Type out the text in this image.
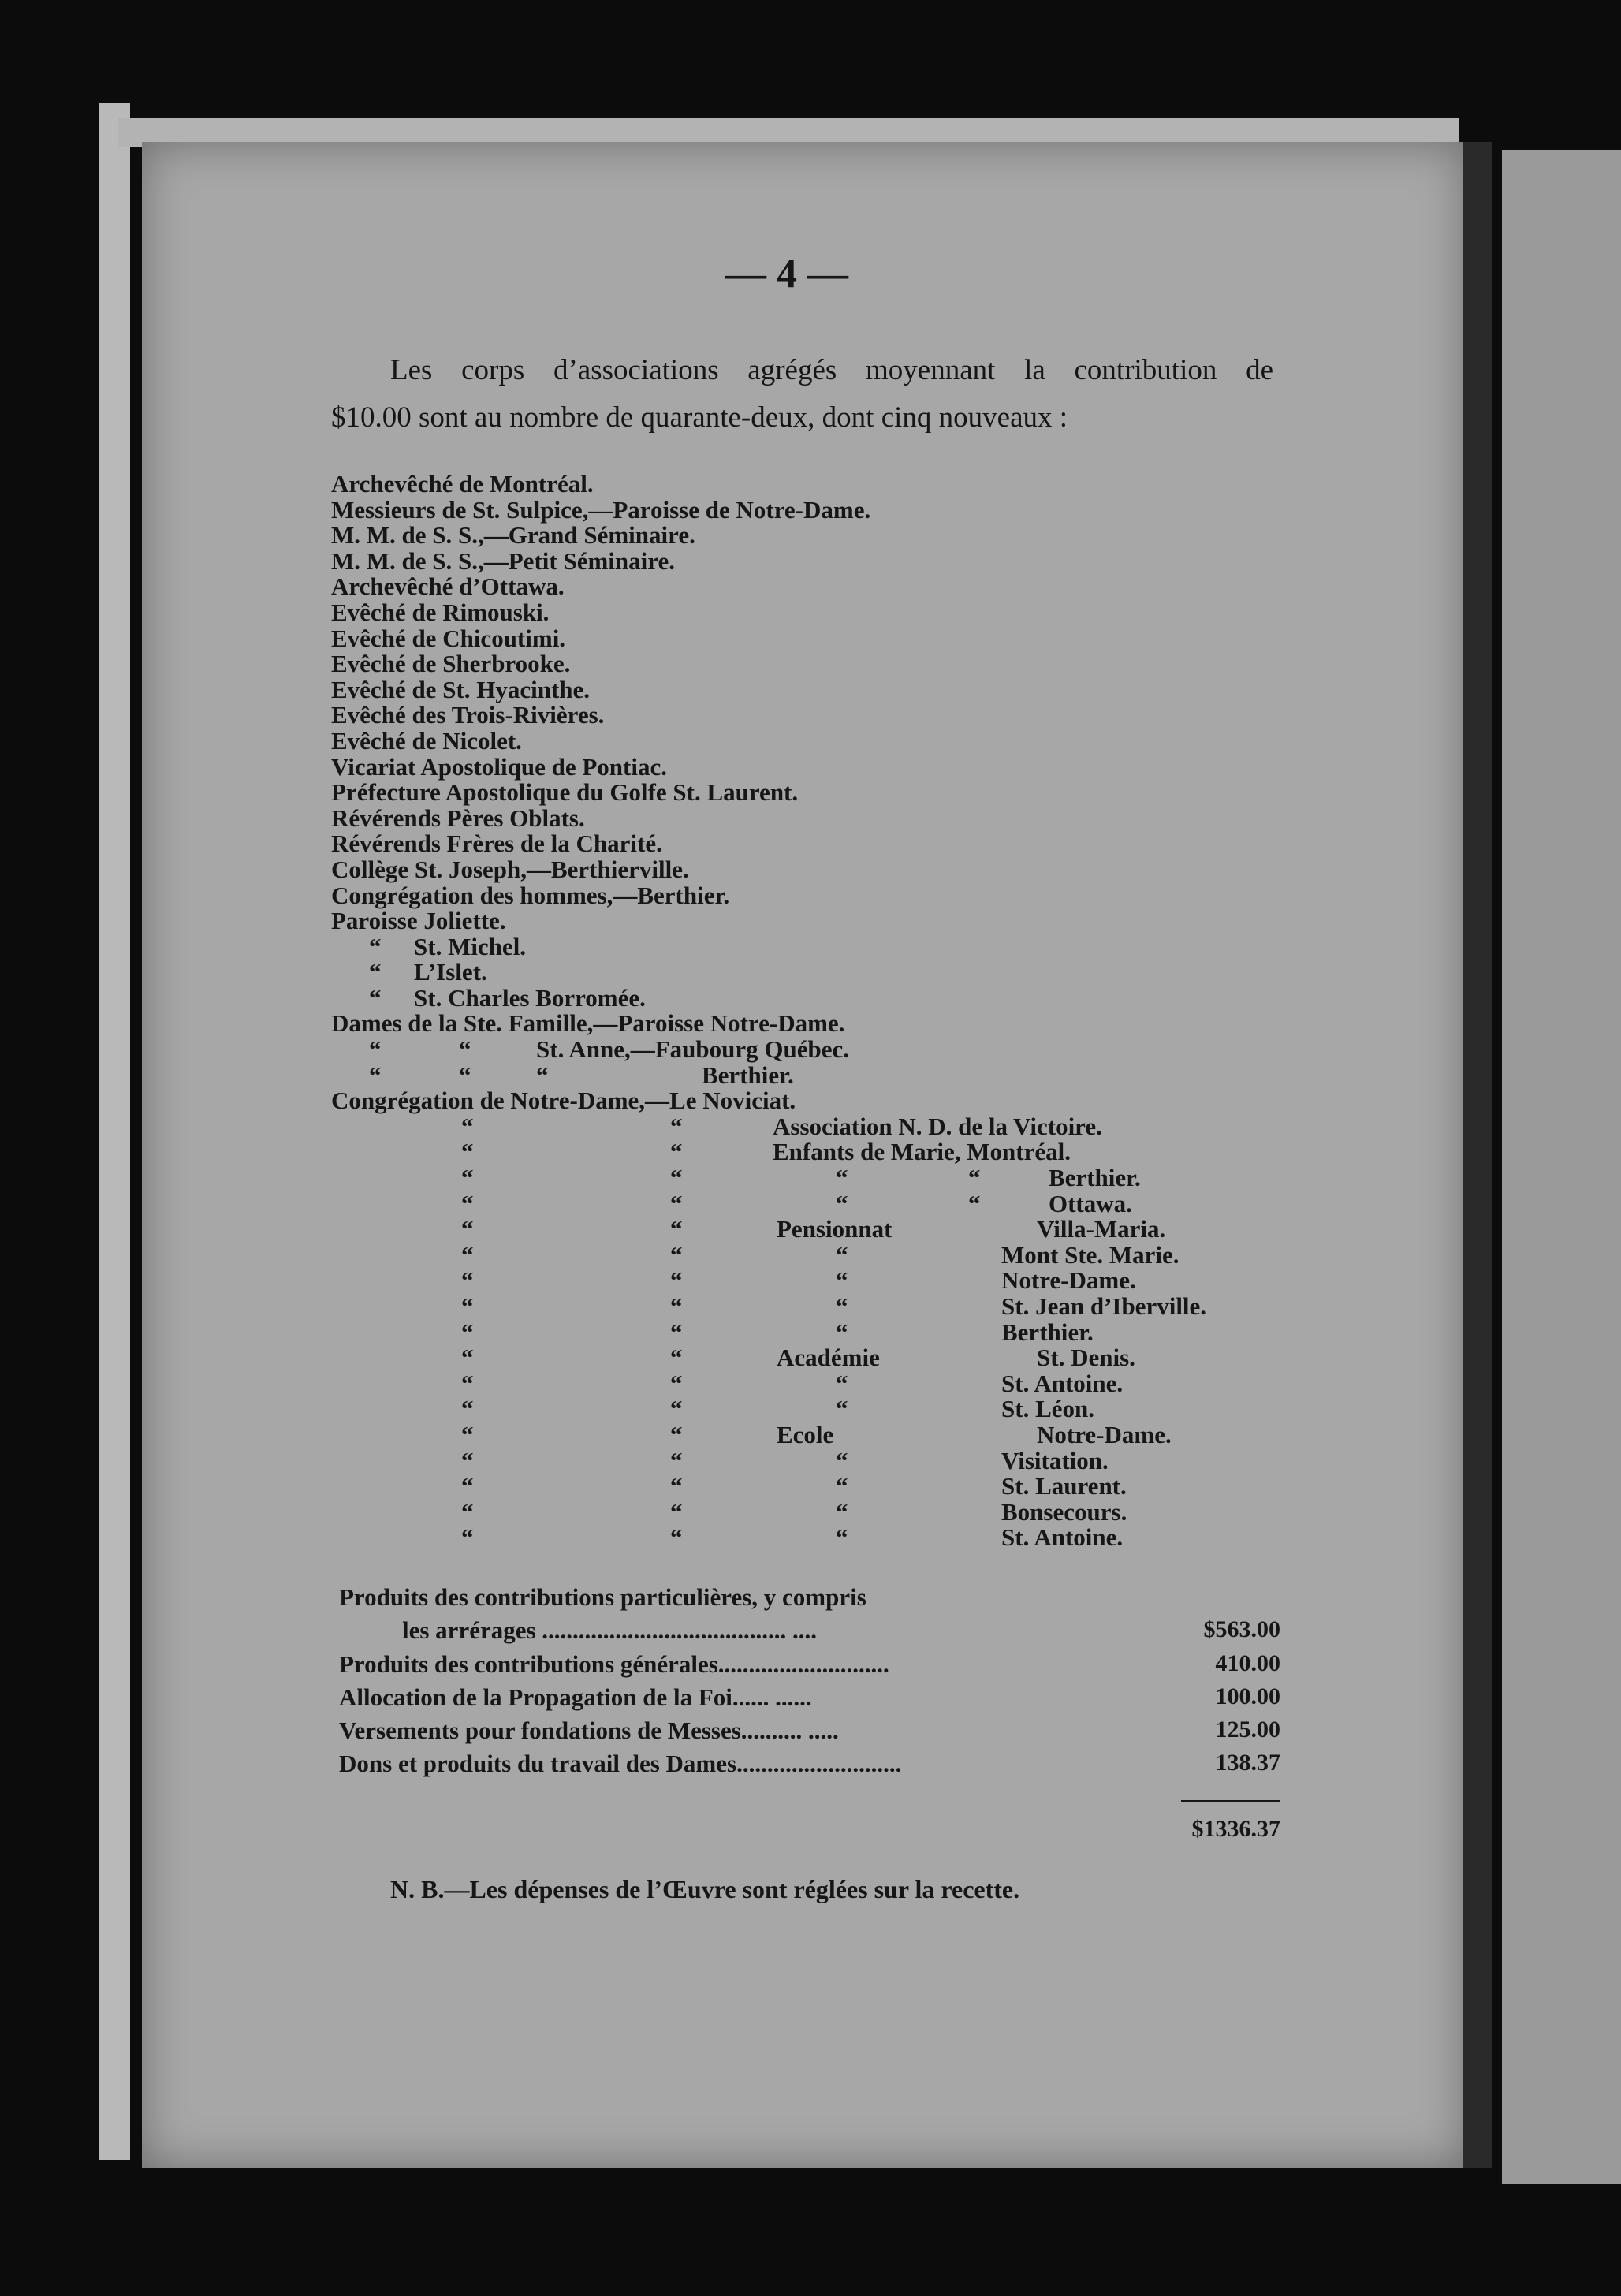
— 4 —
Les corps d’associations agrégés moyennant la contribution de
$10.00 sont au nombre de quarante-deux, dont cinq nouveaux :
Archevêché de Montréal.
Messieurs de St. Sulpice,—Paroisse de Notre-Dame.
M. M. de S. S.,—Grand Séminaire.
M. M. de S. S.,—Petit Séminaire.
Archevêché d’Ottawa.
Evêché de Rimouski.
Evêché de Chicoutimi.
Evêché de Sherbrooke.
Evêché de St. Hyacinthe.
Evêché des Trois-Rivières.
Evêché de Nicolet.
Vicariat Apostolique de Pontiac.
Préfecture Apostolique du Golfe St. Laurent.
Révérends Pères Oblats.
Révérends Frères de la Charité.
Collège St. Joseph,—Berthierville.
Congrégation des hommes,—Berthier.
Paroisse Joliette.
“ St. Michel.
“ L’Islet.
“ St. Charles Borromée.
Dames de la Ste. Famille,—Paroisse Notre-Dame.
“	“	St. Anne,—Faubourg Québec.
“	“	“	Berthier.
Congrégation de Notre-Dame,—Le Noviciat.
“	“	Association N. D. de la Victoire.
“	“	Enfants de Marie, Montréal.
“	“	“	“	Berthier.
“	“	“	“	Ottawa.
“	“	Pensionnat	Villa-Maria.
“	“	“	Mont Ste. Marie.
“	“	“	Notre-Dame.
“	“	“	St. Jean d’Iberville.
“	“	“	Berthier.
“	“	Académie	St. Denis.
“	“	“	St. Antoine.
“	“	“	St. Léon.
“	“	Ecole	Notre-Dame.
“	“	“	Visitation.
“	“	“	St. Laurent.
“	“	“	Bonsecours.
“	“	“	St. Antoine.
Produits des contributions particulières, y compris
les arrérages ........................................ ....	$563.00
Produits des contributions générales............................	410.00
Allocation de la Propagation de la Foi...... ......	100.00
Versements pour fondations de Messes.......... .....	125.00
Dons et produits du travail des Dames...........................	138.37
$1336.37
N. B.—Les dépenses de l’Œuvre sont réglées sur la recette.
